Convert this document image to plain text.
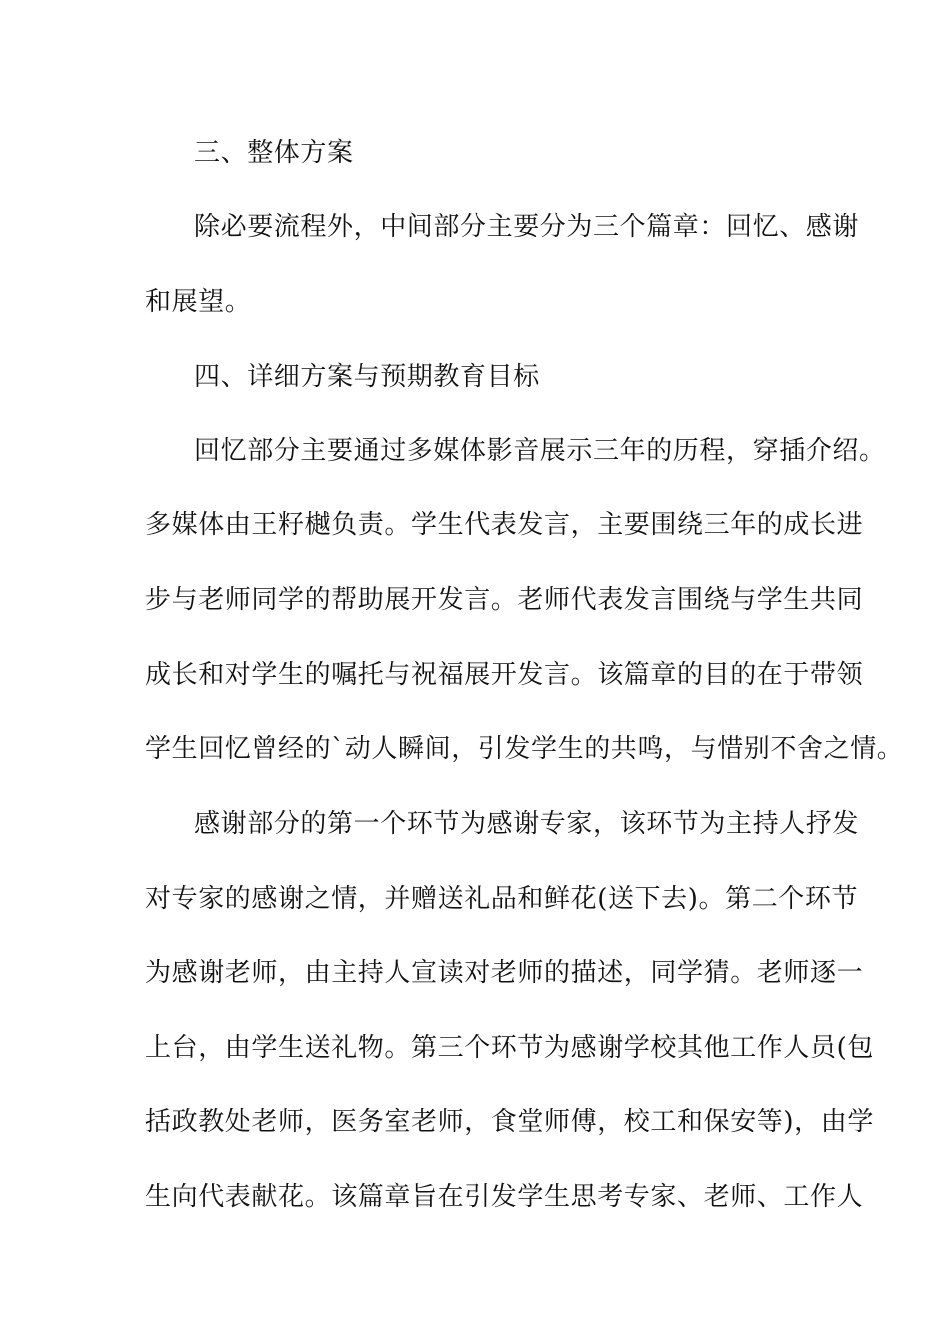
三、整体方案
除必要流程外，中间部分主要分为三个篇章：回忆、感谢
和展望。
四、详细方案与预期教育目标
回忆部分主要通过多媒体影音展示三年的历程，穿插介绍。
多媒体由王籽樾负责。学生代表发言，主要围绕三年的成长进
步与老师同学的帮助展开发言。老师代表发言围绕与学生共同
成长和对学生的嘱托与祝福展开发言。该篇章的目的在于带领
学生回忆曾经的`动人瞬间，引发学生的共鸣，与惜别不舍之情。
感谢部分的第一个环节为感谢专家，该环节为主持人抒发
对专家的感谢之情，并赠送礼品和鲜花(送下去)。第二个环节
为感谢老师，由主持人宣读对老师的描述，同学猜。老师逐一
上台，由学生送礼物。第三个环节为感谢学校其他工作人员(包
括政教处老师，医务室老师，食堂师傅，校工和保安等)，由学
生向代表献花。该篇章旨在引发学生思考专家、老师、工作人
